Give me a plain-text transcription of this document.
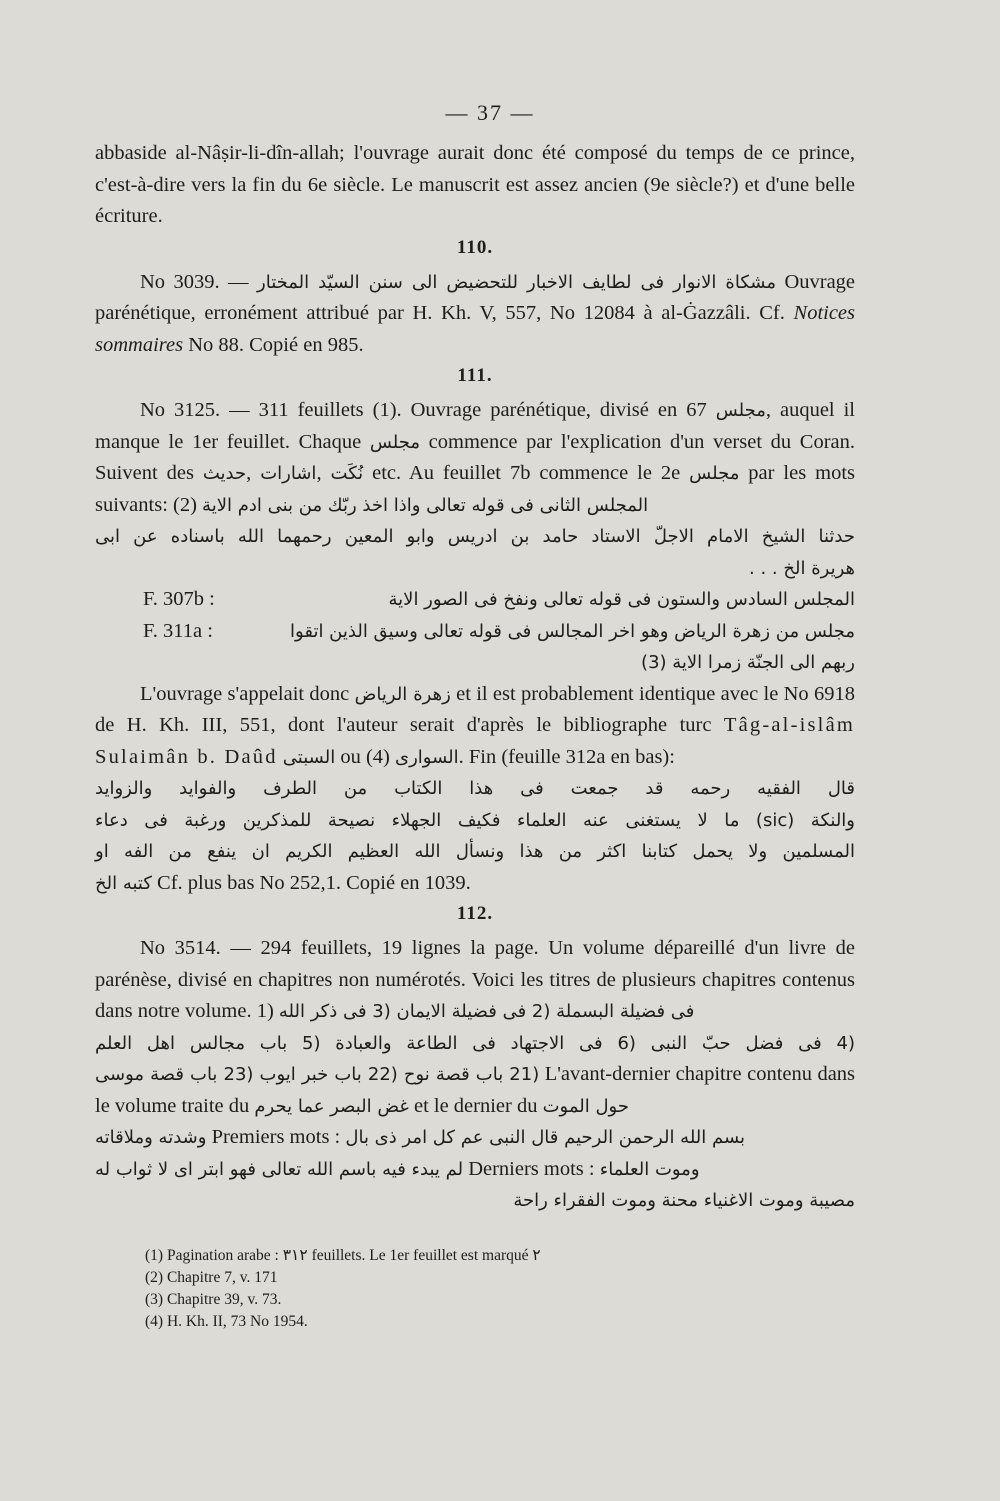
— 37 —

abbaside al-Nâṣir-li-dîn-allah; l'ouvrage aurait donc été composé du temps de ce prince, c'est-à-dire vers la fin du 6e siècle. Le manuscrit est assez ancien (9e siècle?) et d'une belle écriture.

110.

No 3039. — مشكاة الانوار فى لطايف الاخبار للتحضيض الى سنن السيّد المختار Ouvrage parénétique, erronément attribué par H. Kh. V, 557, No 12084 à al-Ġazzâli. Cf. Notices sommaires No 88. Copié en 985.

111.

No 3125. — 311 feuillets (1). Ouvrage parénétique, divisé en 67 مجلس, auquel il manque le 1er feuillet. Chaque مجلس commence par l'explication d'un verset du Coran. Suivent des حديث, اشارات, نُكَت etc. Au feuillet 7b commence le 2e مجلس par les mots suivants: (2) المجلس الثانى فى قوله تعالى واذا اخذ ربّك من بنى ادم الاية

حدثنا الشيخ الامام الاجلّ الاستاد حامد بن ادريس وابو المعين رحمهما الله باسناده عن ابى
هريرة الخ . . .
F. 307b :	المجلس السادس والستون فى قوله تعالى ونفخ فى الصور الاية
F. 311a :	مجلس من زهرة الرياض وهو اخر المجالس فى قوله تعالى وسيق الذين اتقوا
ربهم الى الجنّة زمرا الاية (3)

L'ouvrage s'appelait donc زهرة الرياض et il est probablement identique avec le No 6918 de H. Kh. III, 551, dont l'auteur serait d'après le bibliographe turc Tâg-al-islâm Sulaimân b. Daûd السبتى ou (4) السوارى. Fin (feuille 312a en bas):

قال الفقيه رحمه قد جمعت فى هذا الكتاب من الطرف والفوايد والزوايد
والنكة (sic) ما لا يستغنى عنه العلماء فكيف الجهلاء نصيحة للمذكرين ورغبة فى دعاء
المسلمين ولا يحمل كتابنا اكثر من هذا ونسأل الله العظيم الكريم ان ينفع من الفه او

كتبه الخ Cf. plus bas No 252,1. Copié en 1039.

112.

No 3514. — 294 feuillets, 19 lignes la page. Un volume dépareillé d'un livre de parénèse, divisé en chapitres non numérotés. Voici les titres de plusieurs chapitres contenus dans notre volume. 1) فى فضيلة البسملة (2 فى فضيلة الايمان (3 فى ذكر الله

(4 فى فضل حبّ النبى (6 فى الاجتهاد فى الطاعة والعبادة (5 باب مجالس اهل العلم

(21 باب قصة نوح (22 باب خبر ايوب (23 باب قصة موسى L'avant-dernier chapitre contenu dans le volume traite du غض البصر عما يحرم et le dernier du حول الموت

وشدته وملاقاته Premiers mots : بسم الله الرحمن الرحيم قال النبى عم كل امر ذى بال

لم يبدء فيه باسم الله تعالى فهو ابتر اى لا ثواب له Derniers mots : وموت العلماء

مصيبة وموت الاغنياء محنة وموت الفقراء راحة
(1) Pagination arabe : ٣١٢ feuillets. Le 1er feuillet est marqué ٢
(2) Chapitre 7, v. 171
(3) Chapitre 39, v. 73.
(4) H. Kh. II, 73 No 1954.
